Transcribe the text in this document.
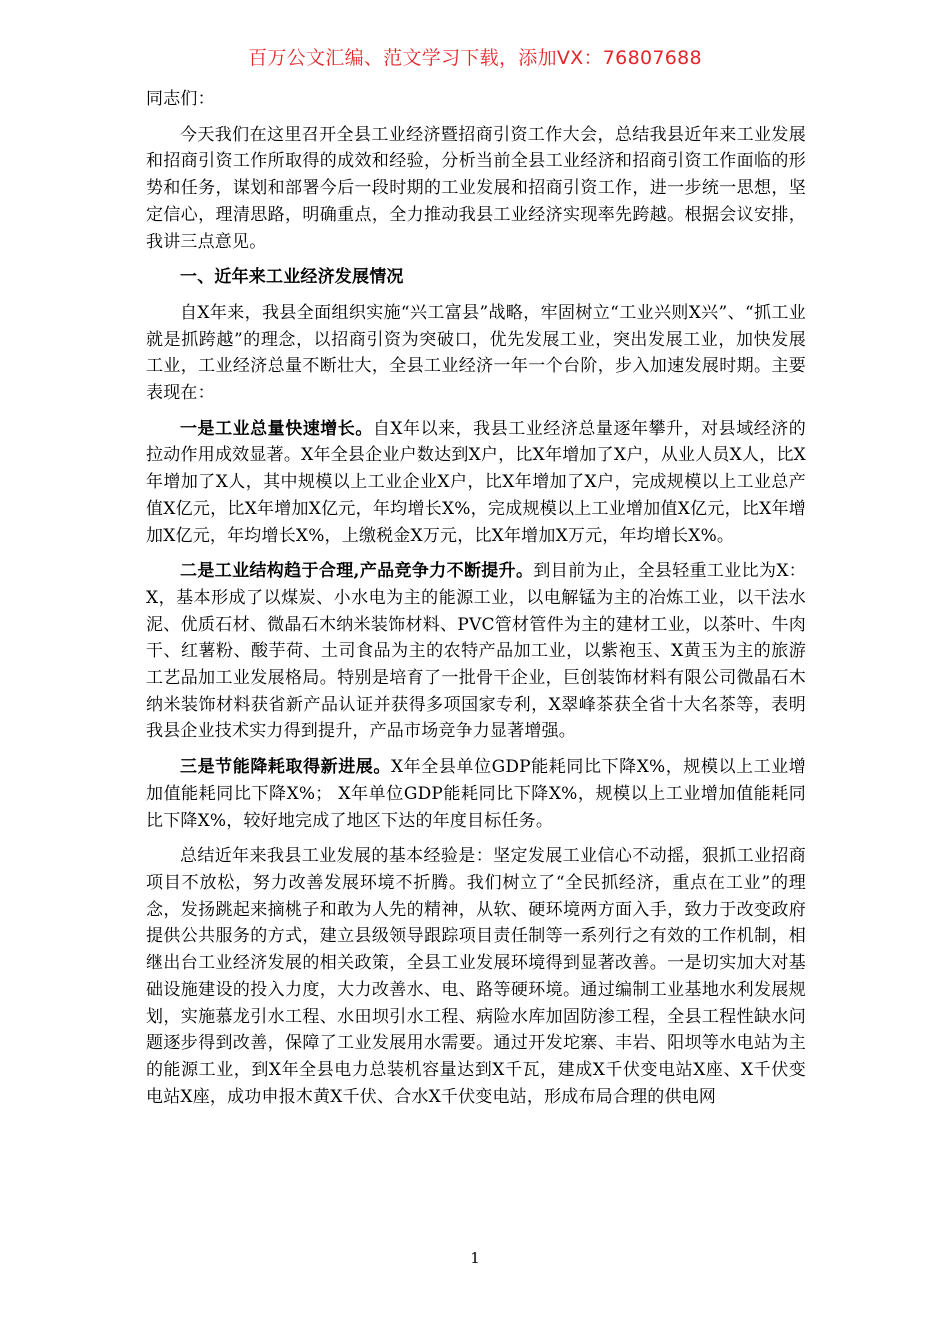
百万公文汇编、范文学习下载，添加VX：76807688

同志们：

今天我们在这里召开全县工业经济暨招商引资工作大会，总结我县近年来工业发展和招商引资工作所取得的成效和经验，分析当前全县工业经济和招商引资工作面临的形势和任务，谋划和部署今后一段时期的工业发展和招商引资工作，进一步统一思想，坚定信心，理清思路，明确重点，全力推动我县工业经济实现率先跨越。根据会议安排，我讲三点意见。

一、近年来工业经济发展情况

自X年来，我县全面组织实施“兴工富县”战略，牢固树立“工业兴则X兴”、“抓工业就是抓跨越”的理念，以招商引资为突破口，优先发展工业，突出发展工业，加快发展工业，工业经济总量不断壮大，全县工业经济一年一个台阶，步入加速发展时期。主要表现在：

一是工业总量快速增长。自X年以来，我县工业经济总量逐年攀升，对县域经济的拉动作用成效显著。X年全县企业户数达到X户，比X年增加了X户，从业人员X人，比X年增加了X人，其中规模以上工业企业X户，比X年增加了X户，完成规模以上工业总产值X亿元，比X年增加X亿元，年均增长X%，完成规模以上工业增加值X亿元，比X年增加X亿元，年均增长X%，上缴税金X万元，比X年增加X万元，年均增长X%。

二是工业结构趋于合理,产品竞争力不断提升。到目前为止，全县轻重工业比为X：X，基本形成了以煤炭、小水电为主的能源工业，以电解锰为主的冶炼工业，以干法水泥、优质石材、微晶石木纳米装饰材料、PVC管材管件为主的建材工业，以茶叶、牛肉干、红薯粉、酸芋荷、土司食品为主的农特产品加工业，以紫袍玉、X黄玉为主的旅游工艺品加工业发展格局。特别是培育了一批骨干企业，巨创装饰材料有限公司微晶石木纳米装饰材料获省新产品认证并获得多项国家专利，X翠峰茶获全省十大名茶等，表明我县企业技术实力得到提升，产品市场竞争力显著增强。

三是节能降耗取得新进展。X年全县单位GDP能耗同比下降X%，规模以上工业增加值能耗同比下降X%； X年单位GDP能耗同比下降X%，规模以上工业增加值能耗同比下降X%，较好地完成了地区下达的年度目标任务。

总结近年来我县工业发展的基本经验是：坚定发展工业信心不动摇，狠抓工业招商项目不放松，努力改善发展环境不折腾。我们树立了“全民抓经济，重点在工业”的理念，发扬跳起来摘桃子和敢为人先的精神，从软、硬环境两方面入手，致力于改变政府提供公共服务的方式，建立县级领导跟踪项目责任制等一系列行之有效的工作机制，相继出台工业经济发展的相关政策，全县工业发展环境得到显著改善。一是切实加大对基础设施建设的投入力度，大力改善水、电、路等硬环境。通过编制工业基地水利发展规划，实施慕龙引水工程、水田坝引水工程、病险水库加固防渗工程，全县工程性缺水问题逐步得到改善，保障了工业发展用水需要。通过开发坨寨、丰岩、阳坝等水电站为主的能源工业，到X年全县电力总装机容量达到X千瓦，建成X千伏变电站X座、X千伏变电站X座，成功申报木黄X千伏、合水X千伏变电站，形成布局合理的供电网

1
